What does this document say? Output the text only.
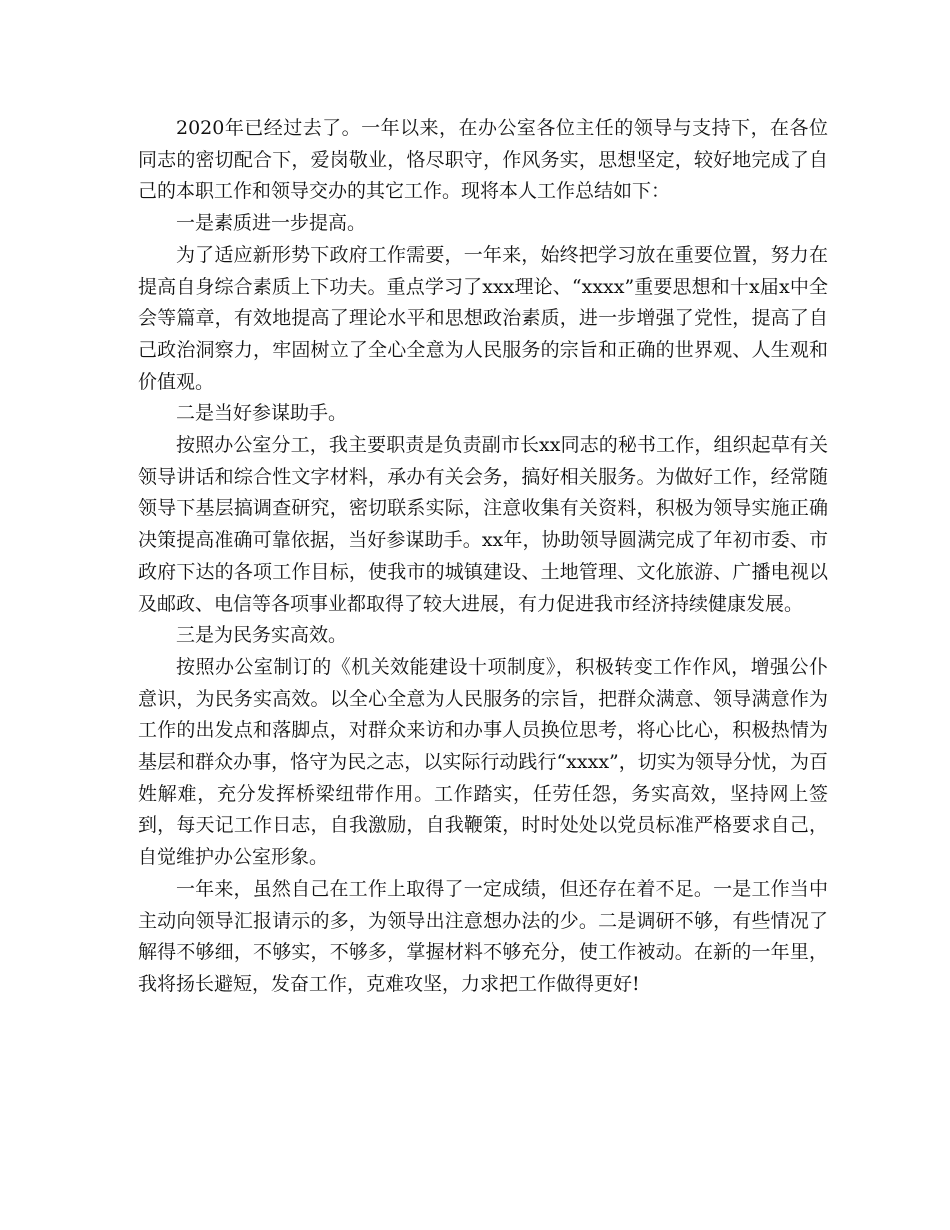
2020年已经过去了。一年以来，在办公室各位主任的领导与支持下，在各位同志的密切配合下，爱岗敬业，恪尽职守，作风务实，思想坚定，较好地完成了自己的本职工作和领导交办的其它工作。现将本人工作总结如下：

一是素质进一步提高。

为了适应新形势下政府工作需要，一年来，始终把学习放在重要位置，努力在提高自身综合素质上下功夫。重点学习了xxx理论、“xxxx”重要思想和十x届x中全会等篇章，有效地提高了理论水平和思想政治素质，进一步增强了党性，提高了自己政治洞察力，牢固树立了全心全意为人民服务的宗旨和正确的世界观、人生观和价值观。

二是当好参谋助手。

按照办公室分工，我主要职责是负责副市长xx同志的秘书工作，组织起草有关领导讲话和综合性文字材料，承办有关会务，搞好相关服务。为做好工作，经常随领导下基层搞调查研究，密切联系实际，注意收集有关资料，积极为领导实施正确决策提高准确可靠依据，当好参谋助手。xx年，协助领导圆满完成了年初市委、市政府下达的各项工作目标，使我市的城镇建设、土地管理、文化旅游、广播电视以及邮政、电信等各项事业都取得了较大进展，有力促进我市经济持续健康发展。

三是为民务实高效。

按照办公室制订的《机关效能建设十项制度》，积极转变工作作风，增强公仆意识，为民务实高效。以全心全意为人民服务的宗旨，把群众满意、领导满意作为工作的出发点和落脚点，对群众来访和办事人员换位思考，将心比心，积极热情为基层和群众办事，恪守为民之志，以实际行动践行“xxxx”，切实为领导分忧，为百姓解难，充分发挥桥梁纽带作用。工作踏实，任劳任怨，务实高效，坚持网上签到，每天记工作日志，自我激励，自我鞭策，时时处处以党员标准严格要求自己，自觉维护办公室形象。

一年来，虽然自己在工作上取得了一定成绩，但还存在着不足。一是工作当中主动向领导汇报请示的多，为领导出注意想办法的少。二是调研不够，有些情况了解得不够细，不够实，不够多，掌握材料不够充分，使工作被动。在新的一年里，我将扬长避短，发奋工作，克难攻坚，力求把工作做得更好!
